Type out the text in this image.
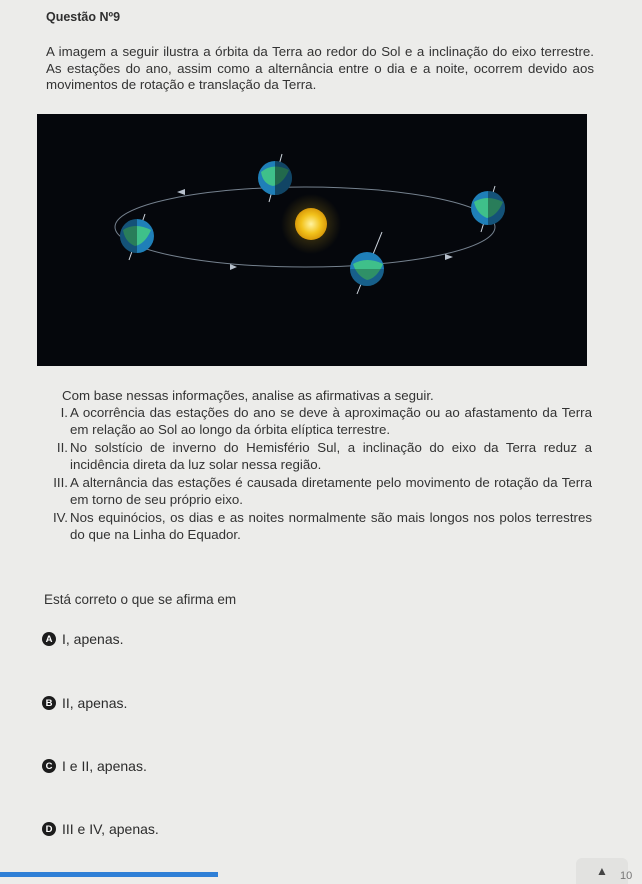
Questão Nº9
A imagem a seguir ilustra a órbita da Terra ao redor do Sol e a inclinação do eixo terrestre. As estações do ano, assim como a alternância entre o dia e a noite, ocorrem devido aos movimentos de rotação e translação da Terra.
Com base nessas informações, analise as afirmativas a seguir.
I. A ocorrência das estações do ano se deve à aproximação ou ao afastamento da Terra em relação ao Sol ao longo da órbita elíptica terrestre.
II. No solstício de inverno do Hemisfério Sul, a inclinação do eixo da Terra reduz a incidência direta da luz solar nessa região.
III. A alternância das estações é causada diretamente pelo movimento de rotação da Terra em torno de seu próprio eixo.
IV. Nos equinócios, os dias e as noites normalmente são mais longos nos polos terrestres do que na Linha do Equador.
Está correto o que se afirma em
A I, apenas.
B II, apenas.
C I e II, apenas.
D III e IV, apenas.
▲ 10
